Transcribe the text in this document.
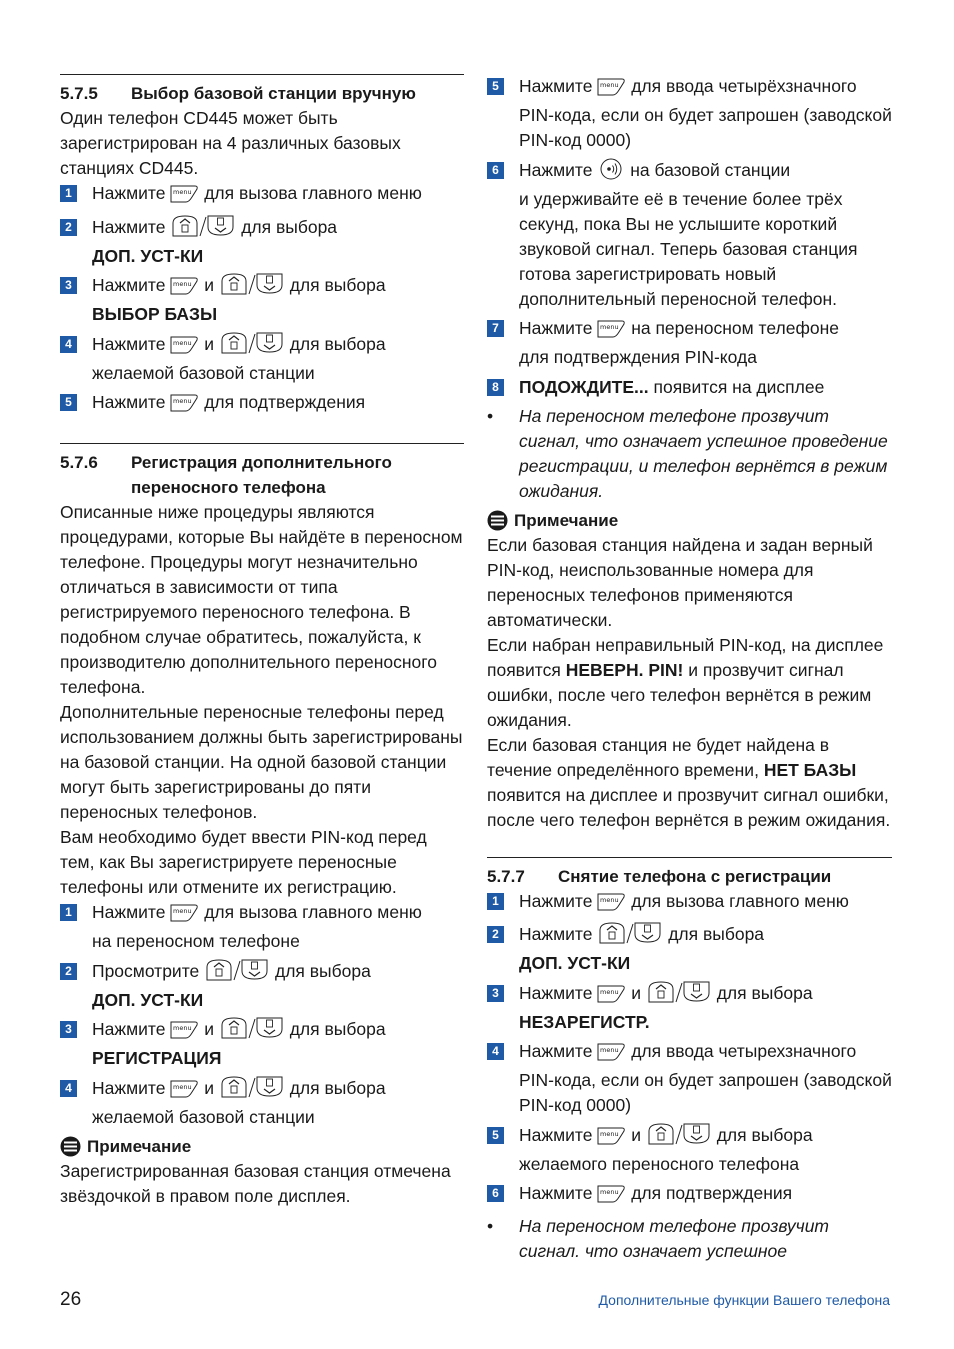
5.7.5	Выбор базовой станции вручную
Один телефон CD445 может быть зарегистрирован на 4 различных базовых станциях CD445.
1 Нажмите menu для вызова главного меню
2 Нажмите	для выбора
ДОП. УСТ-КИ
3 Нажмите menu и	для выбора
ВЫБОР БАЗЫ
4 Нажмите menu и	для выбора
желаемой базовой станции
5 Нажмите menu для подтверждения
5.7.6	Регистрация дополнительного
переносного телефона
Описанные ниже процедуры являются процедурами, которые Вы найдёте в переносном телефоне. Процедуры могут незначительно отличаться в зависимости от типа регистрируемого переносного телефона. В подобном случае обратитесь, пожалуйста, к производителю дополнительного переносного телефона.
Дополнительные переносные телефоны перед использованием должны быть зарегистрированы на базовой станции. На одной базовой станции могут быть зарегистрированы до пяти переносных телефонов.
Вам необходимо будет ввести PIN-код перед тем, как Вы зарегистрируете переносные телефоны или отмените их регистрацию.
1 Нажмите menu для вызова главного меню
на переносном телефоне
2 Просмотрите	для выбора
ДОП. УСТ-КИ
3 Нажмите menu и	для выбора
РЕГИСТРАЦИЯ
4 Нажмите menu и	для выбора
желаемой базовой станции
Примечание
Зарегистрированная базовая станция отмечена звёздочкой в правом поле дисплея.
5 Нажмите menu для ввода четырёхзначного
PIN-кода, если он будет запрошен (заводской PIN-код 0000)
6 Нажмите на базовой станции
и удерживайте её в течение более трёх секунд, пока Вы не услышите короткий звуковой сигнал. Теперь базовая станция готова зарегистрировать новый дополнительный переносной телефон.
7 Нажмите menu на переносном телефоне
для подтверждения PIN-кода
8 ПОДОЖДИТЕ... появится на дисплее
•	На переносном телефоне прозвучит сигнал, что означает успешное проведение регистрации, и телефон вернётся в режим ожидания.
Примечание
Если базовая станция найдена и задан верный PIN-код, неиспользованные номера для переносных телефонов применяются автоматически.
Если набран неправильный PIN-код, на дисплее появится НЕВЕРН. PIN! и прозвучит сигнал ошибки, после чего телефон вернётся в режим ожидания.
Если базовая станция не будет найдена в течение определённого времени, НЕТ БАЗЫ появится на дисплее и прозвучит сигнал ошибки, после чего телефон вернётся в режим ожидания.
5.7.7	Снятие телефона с регистрации
1 Нажмите menu для вызова главного меню
2 Нажмите	для выбора
ДОП. УСТ-КИ
3 Нажмите menu и	для выбора
НЕЗАРЕГИСТР.
4 Нажмите menu для ввода четырехзначного
PIN-кода, если он будет запрошен (заводской PIN-код 0000)
5 Нажмите menu и	для выбора
желаемого переносного телефона
6 Нажмите menu для подтверждения
•	На переносном телефоне прозвучит сигнал. что означает успешное
26	Дополнительные функции Вашего телефона
